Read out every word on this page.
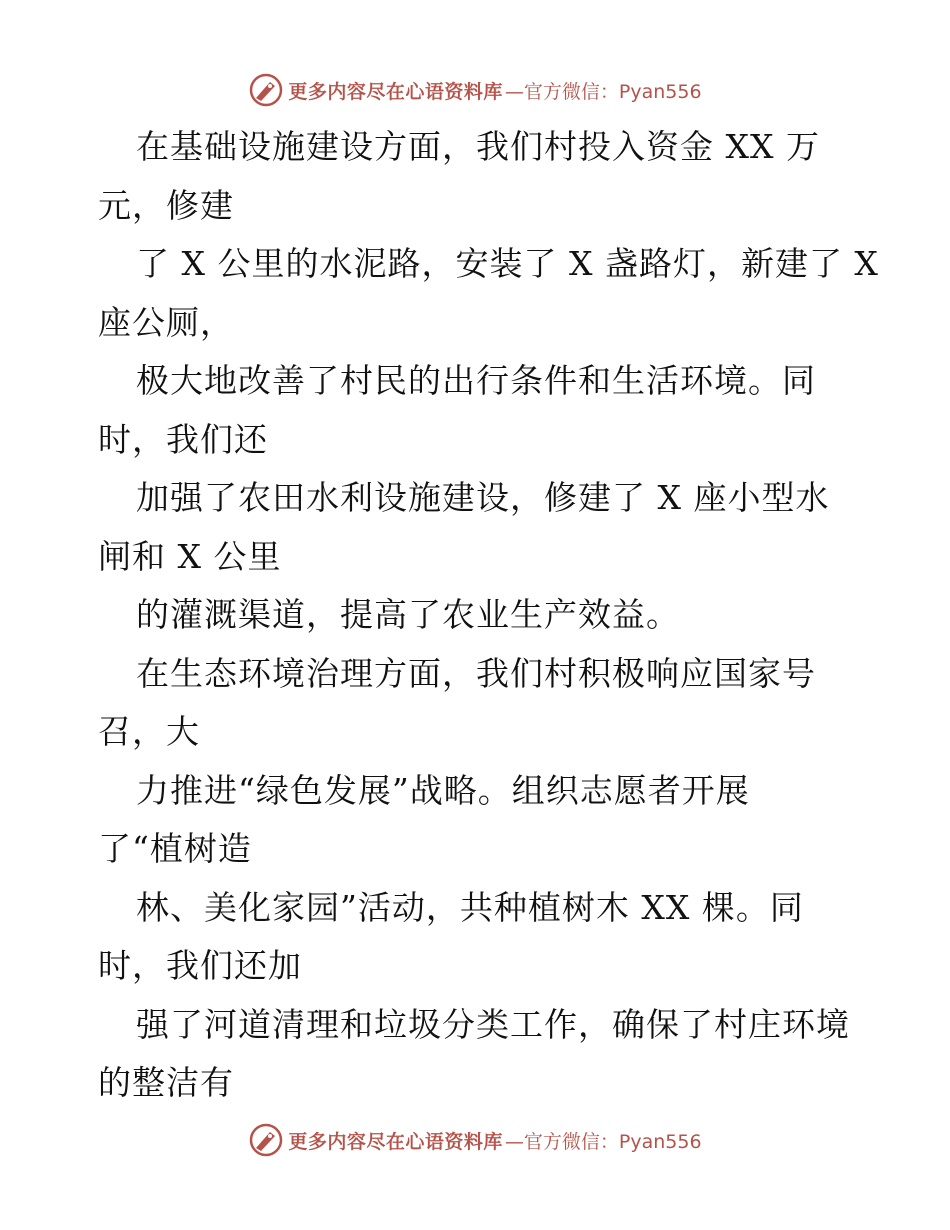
更多内容尽在心语资料库 —官方微信：Pyan556
在基础设施建设方面，我们村投入资金 XX 万
元，修建
了 X 公里的水泥路，安装了 X 盏路灯，新建了 X
座公厕，
极大地改善了村民的出行条件和生活环境。同
时，我们还
加强了农田水利设施建设，修建了 X 座小型水
闸和 X 公里
的灌溉渠道，提高了农业生产效益。
在生态环境治理方面，我们村积极响应国家号
召，大
力推进“绿色发展”战略。组织志愿者开展
了“植树造
林、美化家园”活动，共种植树木 XX 棵。同
时，我们还加
强了河道清理和垃圾分类工作，确保了村庄环境
的整洁有
更多内容尽在心语资料库 —官方微信：Pyan556
